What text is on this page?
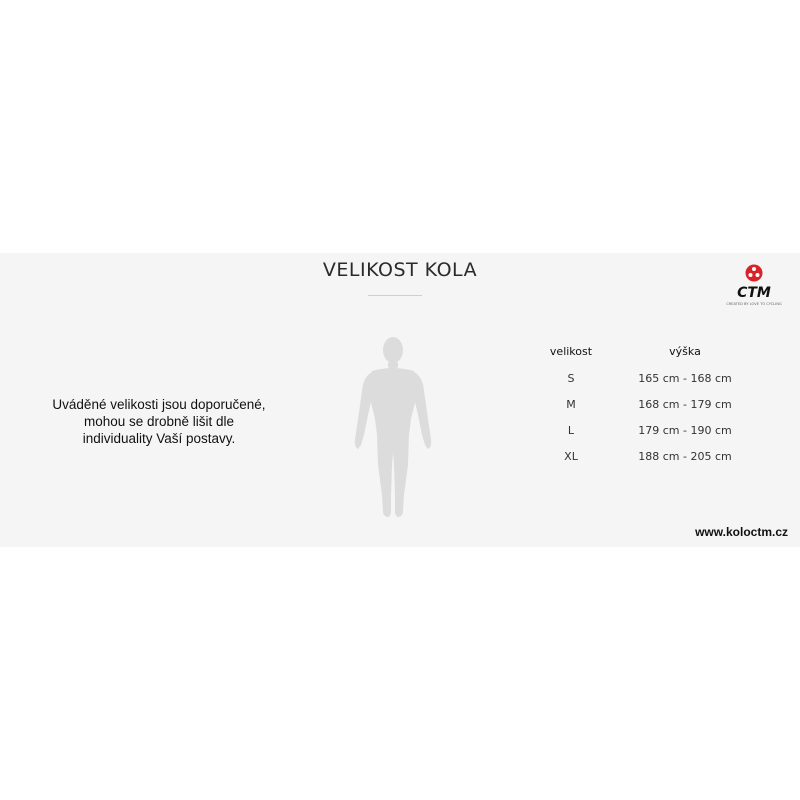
VELIKOST KOLA
CTM
CREATED BY LOVE TO CYCLING
Uváděné velikosti jsou doporučené,
mohou se drobně lišit dle
individuality Vaší postavy.
velikost	výška
S	165 cm - 168 cm
M	168 cm - 179 cm
L	179 cm - 190 cm
XL	188 cm - 205 cm
www.koloctm.cz
